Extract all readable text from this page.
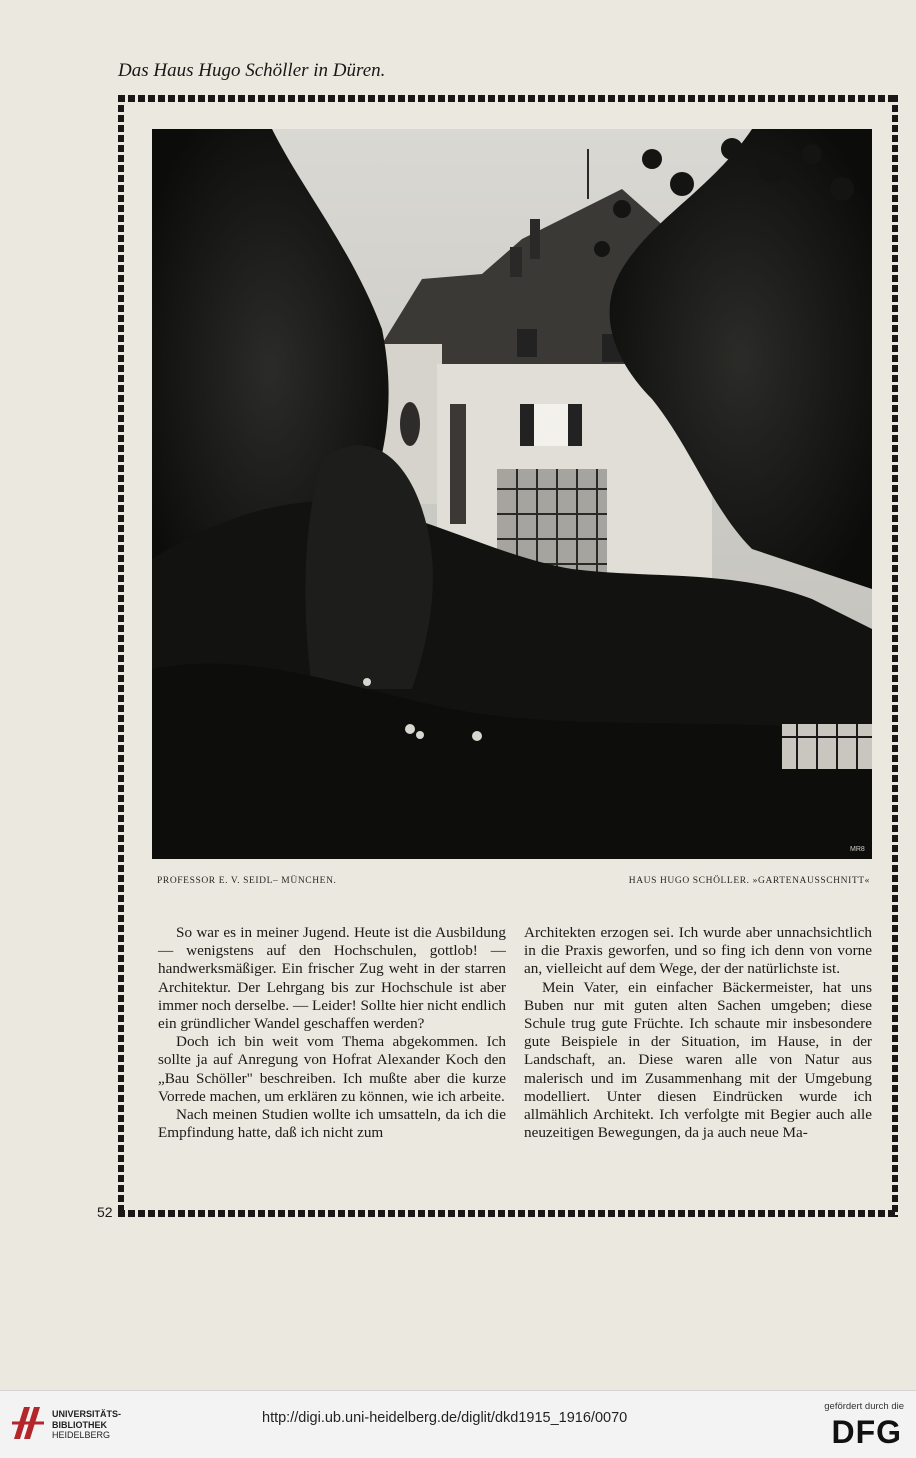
Das Haus Hugo Schöller in Düren.
MR8
PROFESSOR E. V. SEIDL– MÜNCHEN.	HAUS HUGO SCHÖLLER. »GARTENAUSSCHNITT«

So war es in meiner Jugend. Heute ist die Ausbildung — wenigstens auf den Hochschulen, gottlob! — handwerksmäßiger. Ein frischer Zug weht in der starren Architektur. Der Lehrgang bis zur Hochschule ist aber immer noch derselbe. — Leider! Sollte hier nicht endlich ein gründlicher Wandel geschaffen werden?

Doch ich bin weit vom Thema abgekommen. Ich sollte ja auf Anregung von Hofrat Alexander Koch den „Bau Schöller" beschreiben. Ich mußte aber die kurze Vorrede machen, um erklären zu können, wie ich arbeite.

Nach meinen Studien wollte ich umsatteln, da ich die Empfindung hatte, daß ich nicht zum

Architekten erzogen sei. Ich wurde aber unnachsichtlich in die Praxis geworfen, und so fing ich denn von vorne an, vielleicht auf dem Wege, der der natürlichste ist.

Mein Vater, ein einfacher Bäckermeister, hat uns Buben nur mit guten alten Sachen umgeben; diese Schule trug gute Früchte. Ich schaute mir insbesondere gute Beispiele in der Situation, im Hause, in der Landschaft, an. Diese waren alle von Natur aus malerisch und im Zusammenhang mit der Umgebung modelliert. Unter diesen Eindrücken wurde ich allmählich Architekt. Ich verfolgte mit Begier auch alle neuzeitigen Bewegungen, da ja auch neue Ma-

52
UNIVERSITÄTS-
BIBLIOTHEK
HEIDELBERG
http://digi.ub.uni-heidelberg.de/diglit/dkd1915_1916/0070
gefördert durch die
DFG
